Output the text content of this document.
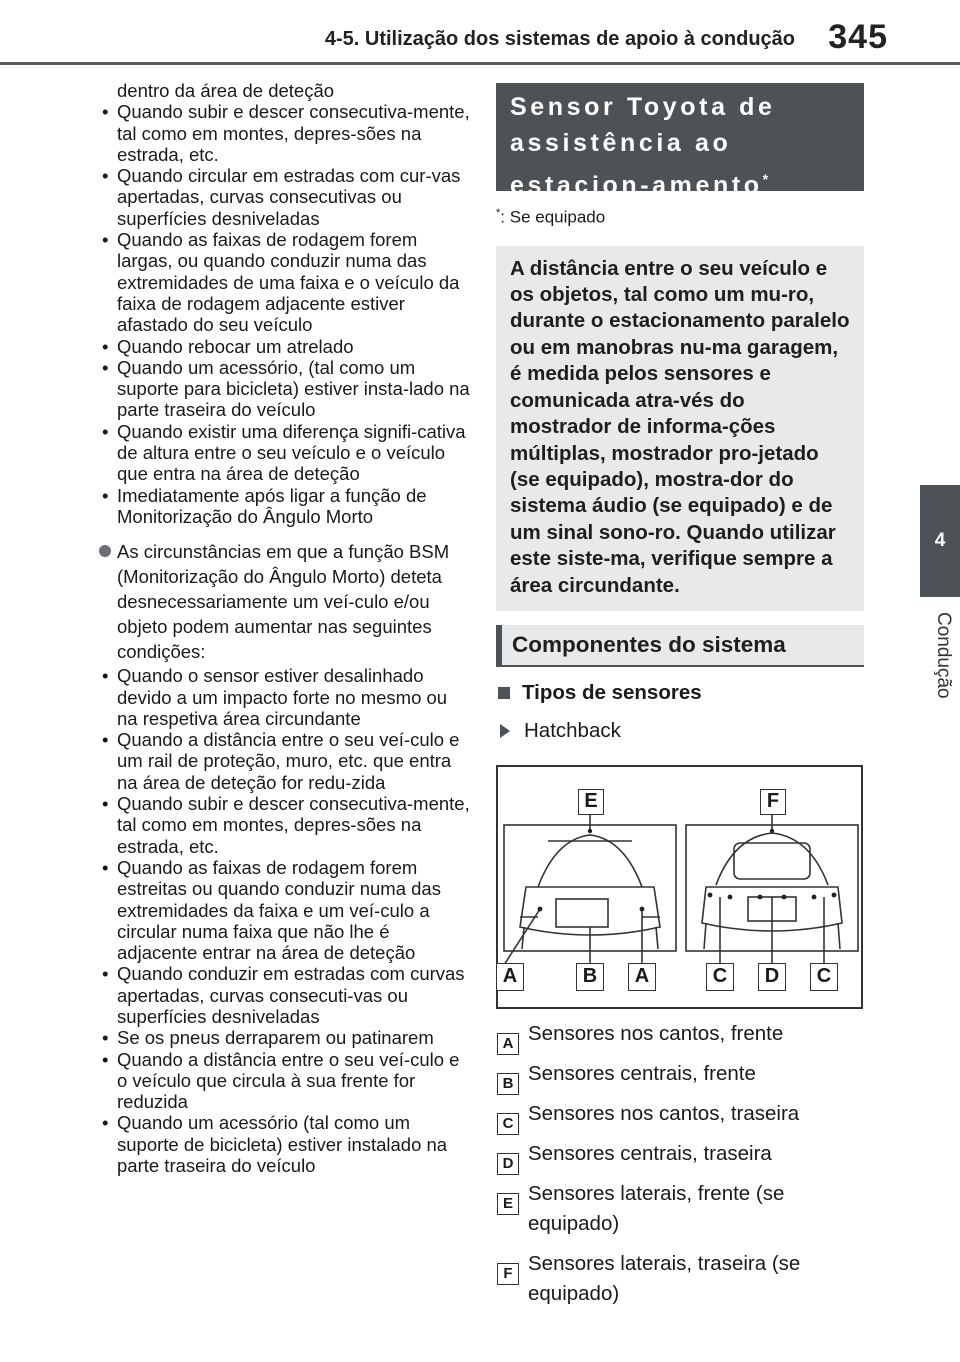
4-5. Utilização dos sistemas de apoio à condução 345
4
Condução
dentro da área de deteção
• Quando subir e descer consecutiva-mente, tal como em montes, depres-sões na estrada, etc.
• Quando circular em estradas com cur-vas apertadas, curvas consecutivas ou superfícies desniveladas
• Quando as faixas de rodagem forem largas, ou quando conduzir numa das extremidades de uma faixa e o veículo da faixa de rodagem adjacente estiver afastado do seu veículo
• Quando rebocar um atrelado
• Quando um acessório, (tal como um suporte para bicicleta) estiver insta-lado na parte traseira do veículo
• Quando existir uma diferença signifi-cativa de altura entre o seu veículo e o veículo que entra na área de deteção
• Imediatamente após ligar a função de Monitorização do Ângulo Morto
As circunstâncias em que a função BSM (Monitorização do Ângulo Morto) deteta desnecessariamente um veí-culo e/ou objeto podem aumentar nas seguintes condições:
• Quando o sensor estiver desalinhado devido a um impacto forte no mesmo ou na respetiva área circundante
• Quando a distância entre o seu veí-culo e um rail de proteção, muro, etc. que entra na área de deteção for redu-zida
• Quando subir e descer consecutiva-mente, tal como em montes, depres-sões na estrada, etc.
• Quando as faixas de rodagem forem estreitas ou quando conduzir numa das extremidades da faixa e um veí-culo a circular numa faixa que não lhe é adjacente entrar na área de deteção
• Quando conduzir em estradas com curvas apertadas, curvas consecuti-vas ou superfícies desniveladas
• Se os pneus derraparem ou patinarem
• Quando a distância entre o seu veí-culo e o veículo que circula à sua frente for reduzida
• Quando um acessório (tal como um suporte de bicicleta) estiver instalado na parte traseira do veículo
Sensor Toyota de assistência ao estacion-amento*
*: Se equipado
A distância entre o seu veículo e os objetos, tal como um mu-ro, durante o estacionamento paralelo ou em manobras nu-ma garagem, é medida pelos sensores e comunicada atra-vés do mostrador de informa-ções múltiplas, mostrador pro-jetado (se equipado), mostra-dor do sistema áudio (se equipado) e de um sinal sono-ro. Quando utilizar este siste-ma, verifique sempre a área circundante.
Componentes do sistema
Tipos de sensores
Hatchback
E	F
A	B	A	C	D	C
A Sensores nos cantos, frente
B Sensores centrais, frente
C Sensores nos cantos, traseira
D Sensores centrais, traseira
E Sensores laterais, frente (se equipado)
F Sensores laterais, traseira (se equipado)
